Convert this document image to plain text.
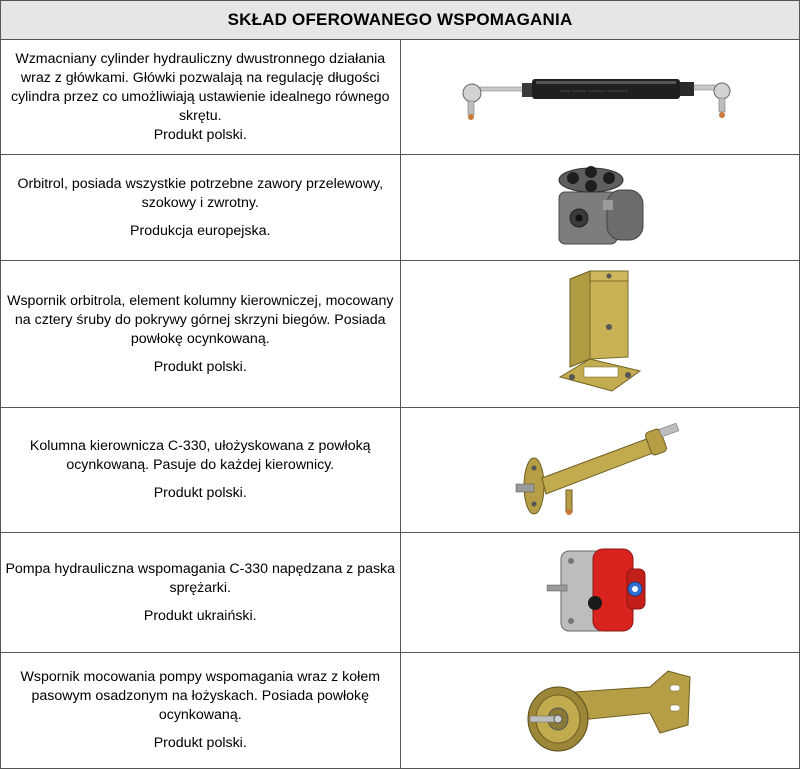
SKŁAD OFEROWANEGO WSPOMAGANIA	
Wzmacniany cylinder hydrauliczny dwustronnego działania wraz z główkami. Główki pozwalają na regulację długości cylindra przez co umożliwiają ustawienie idealnego równego skrętu.
Produkt polski.	~~~ ~~~~ ~~~~~ ~~~~~~

Orbitrol, posiada wszystkie potrzebne zawory przelewowy, szokowy i zwrotny.
Produkcja europejska.

Wspornik orbitrola, element kolumny kierowniczej, mocowany na cztery śruby do pokrywy górnej skrzyni biegów. Posiada powłokę ocynkowaną.
Produkt polski.

Kolumna kierownicza C-330, ułożyskowana z powłoką ocynkowaną. Pasuje do każdej kierownicy.
Produkt polski.

Pompa hydrauliczna wspomagania C-330 napędzana z paska sprężarki.
Produkt ukraiński.

Wspornik mocowania pompy wspomagania wraz z kołem pasowym osadzonym na łożyskach. Posiada powłokę ocynkowaną.
Produkt polski.
